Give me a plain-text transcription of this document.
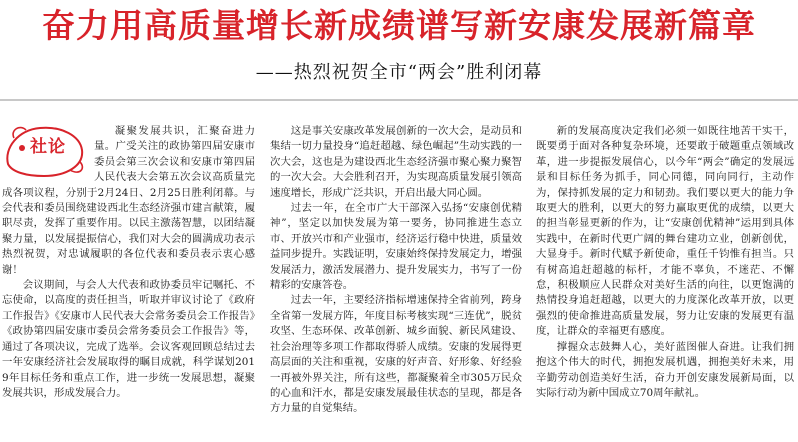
奋力用高质量增长新成绩谱写新安康发展新篇章
——热烈祝贺全市“两会”胜利闭幕
社论

凝聚发展共识，汇聚奋进力量。广受关注的政协第四届安康市委员会第三次会议和安康市第四届人民代表大会第五次会议高质量完成各项议程，分别于2月24日、2月25日胜利闭幕。与会代表和委员围绕建设西北生态经济强市建言献策，履职尽责，发挥了重要作用。以民主激荡智慧，以团结凝聚力量，以发展提振信心，我们对大会的圆满成功表示热烈祝贺，对忠诚履职的各位代表和委员表示衷心感谢！

会议期间，与会人大代表和政协委员牢记嘱托、不忘使命，以高度的责任担当，听取并审议讨论了《政府工作报告》《安康市人民代表大会常务委员会工作报告》《政协第四届安康市委员会常务委员会工作报告》等，通过了各项决议，完成了选举。会议客观回顾总结过去一年安康经济社会发展取得的瞩目成就，科学谋划2019年目标任务和重点工作，进一步统一发展思想，凝聚发展共识，形成发展合力。

这是事关安康改革发展创新的一次大会，是动员和集结一切力量投身“追赶超越、绿色崛起”生动实践的一次大会，这也是为建设西北生态经济强市聚心聚力聚智的一次大会。大会胜利召开，为实现高质量发展引领高速度增长，形成广泛共识，开启出最大同心圆。

过去一年，在全市广大干部深入弘扬“安康创优精神”，坚定以加快发展为第一要务，协同推进生态立市、开放兴市和产业强市，经济运行稳中快进，质量效益同步提升。实践证明，安康始终保持发展定力，增强发展活力，激活发展潜力、提升发展实力，书写了一份精彩的安康答卷。

过去一年，主要经济指标增速保持全省前列，跨身全省第一发展方阵，年度目标考核实现“三连优”，脱贫攻坚、生态环保、改革创新、城乡面貌、新民风建设、社会治理等多项工作都取得骄人成绩。安康的发展得更高层面的关注和重视，安康的好声音、好形象、好经验一再被外界关注，所有这些，都凝聚着全市305万民众的心血和汗水，都是安康发展最佳状态的呈现，都是各方力量的自觉集结。

新的发展高度决定我们必须一如既往地苦干实干，既要勇于面对各种复杂环境，还要敢于破题重点领域改革，进一步提振发展信心，以今年“两会”确定的发展远景和目标任务为抓手，同心同德，同向同行，主动作为，保持抓发展的定力和韧劲。我们要以更大的能力争取更大的胜利，以更大的努力赢取更优的成绩，以更大的担当彰显更新的作为，让“安康创优精神”运用到具体实践中，在新时代更广阔的舞台建功立业，创新创优，大显身手。新时代赋予新使命，重任千钧惟有担当。只有树高追赶超越的标杆，才能不辜负，不迷茫、不懈怠，积极顺应人民群众对美好生活的向往，以更饱满的热情投身追赶超越，以更大的力度深化改革开放，以更强烈的使命推进高质量发展，努力让安康的发展更有温度，让群众的幸福更有感度。

撑握众志鼓舞人心，美好蓝图催人奋进。让我们拥抱这个伟大的时代，拥抱发展机遇，拥抱美好未来，用辛勤劳动创造美好生活，奋力开创安康发展新局面，以实际行动为新中国成立70周年献礼。
